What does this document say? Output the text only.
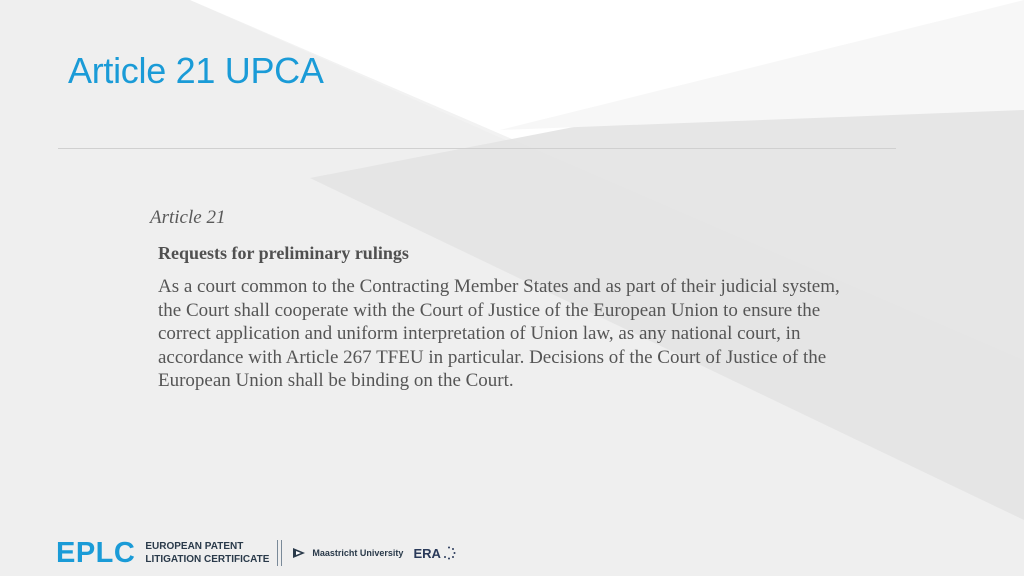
Article 21 UPCA

Article 21

Requests for preliminary rulings

As a court common to the Contracting Member States and as part of their judicial system, the Court shall cooperate with the Court of Justice of the European Union to ensure the correct application and uniform interpretation of Union law, as any national court, in accordance with Article 267 TFEU in particular. Decisions of the Court of Justice of the European Union shall be binding on the Court.

EPLC EUROPEAN PATENT
LITIGATION CERTIFICATE
Maastricht University ERA
